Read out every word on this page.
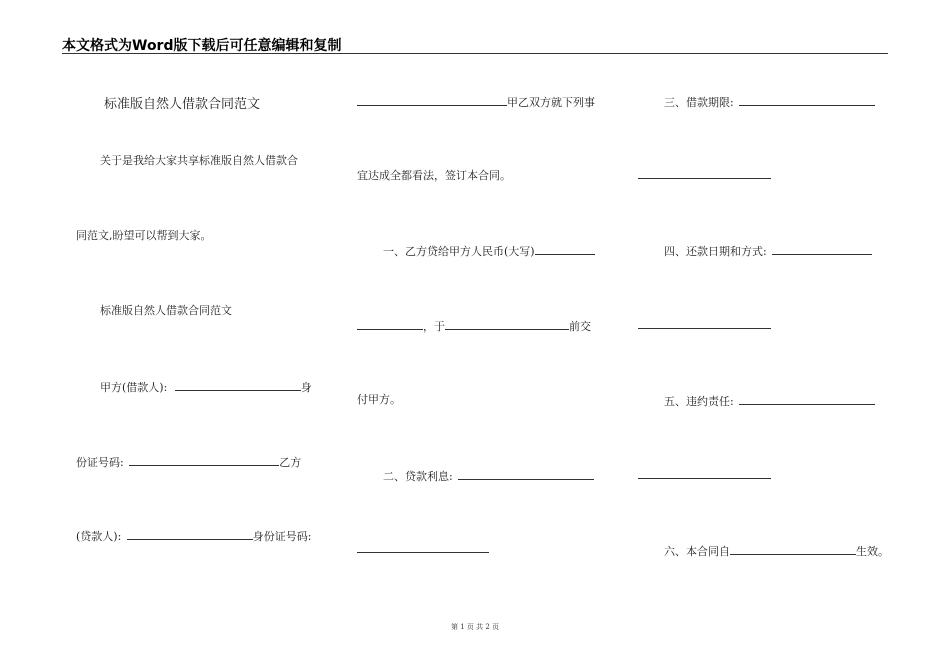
本文格式为Word版下载后可任意编辑和复制
标准版自然人借款合同范文
关于是我给大家共享标准版自然人借款合
同范文,盼望可以帮到大家。
标准版自然人借款合同范文
甲方(借款人):	身
份证号码:	乙方
(贷款人):	身份证号码:
甲乙双方就下列事
宜达成全都看法，签订本合同。
一、乙方贷给甲方人民币(大写)
，于	前交
付甲方。
二、贷款利息:
三、借款期限:
四、还款日期和方式:
五、违约责任:
六、本合同自	生效。
第 1 页 共 2 页
